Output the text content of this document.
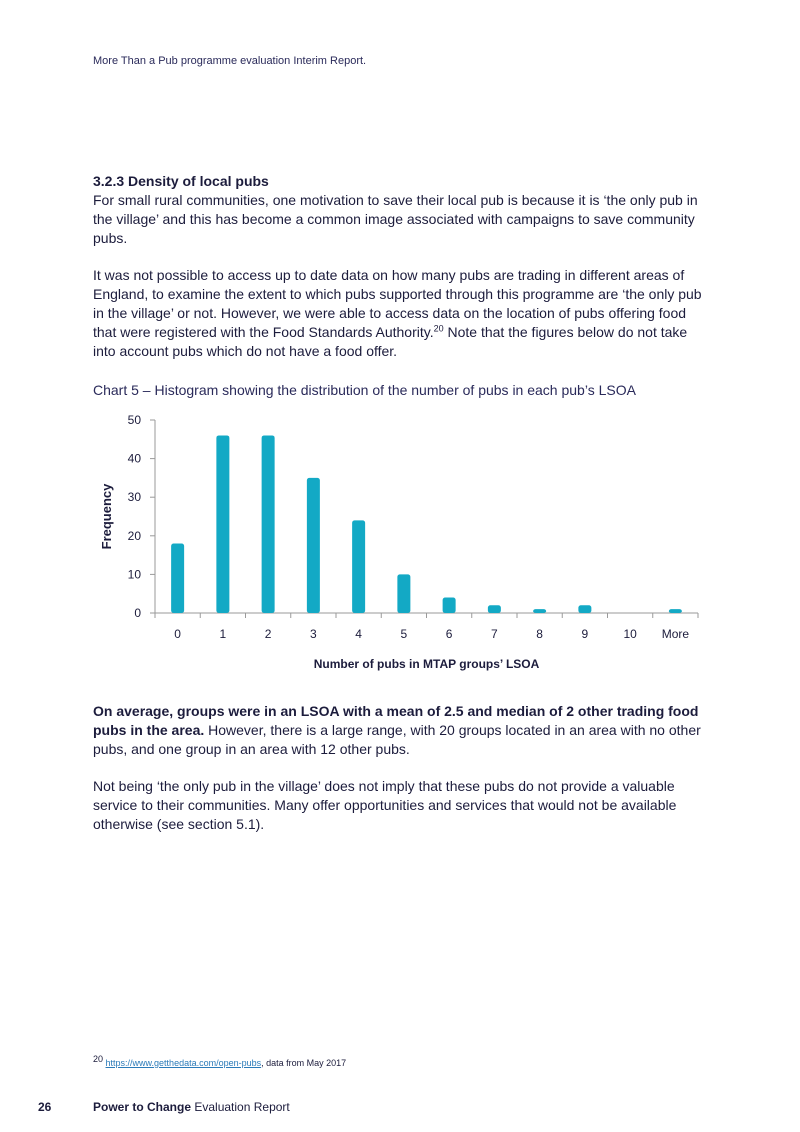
More Than a Pub programme evaluation Interim Report.
3.2.3 Density of local pubs

For small rural communities, one motivation to save their local pub is because it is ‘the only pub in the village’ and this has become a common image associated with campaigns to save community pubs.

It was not possible to access up to date data on how many pubs are trading in different areas of England, to examine the extent to which pubs supported through this programme are ‘the only pub in the village’ or not. However, we were able to access data on the location of pubs offering food that were registered with the Food Standards Authority.$^{20}$ Note that the figures below do not take into account pubs which do not have a food offer.

Chart 5 – Histogram showing the distribution of the number of pubs in each pub’s LSOA
0
10
20
30
40
50
0	1	2	3	4	5	6	7	8	9	10 More
Number of pubs in MTAP groups’ LSOA
Frequency

On average, groups were in an LSOA with a mean of 2.5 and median of 2 other trading food pubs in the area. However, there is a large range, with 20 groups located in an area with no other pubs, and one group in an area with 12 other pubs.

Not being ‘the only pub in the village’ does not imply that these pubs do not provide a valuable service to their communities. Many offer opportunities and services that would not be available otherwise (see section 5.1).

$^{20}$ https://www.getthedata.com/open-pubs, data from May 2017
26	Power to Change Evaluation Report
